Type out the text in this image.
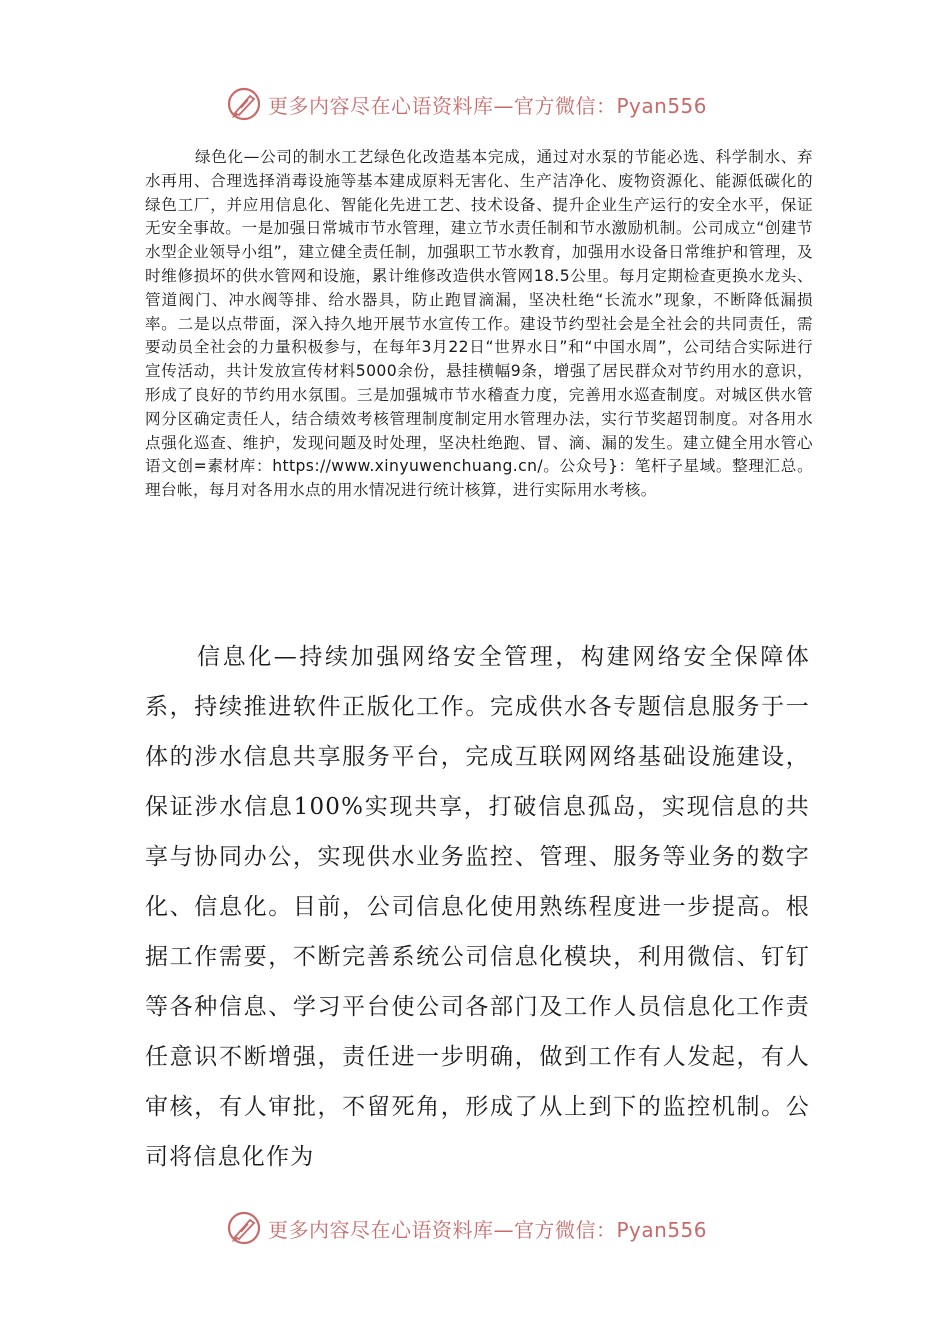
更多内容尽在心语资料库—官方微信：Pyan556

绿色化—公司的制水工艺绿色化改造基本完成，通过对水泵的节能必选、科学制水、弃水再用、合理选择消毒设施等基本建成原料无害化、生产洁净化、废物资源化、能源低碳化的绿色工厂，并应用信息化、智能化先进工艺、技术设备、提升企业生产运行的安全水平，保证无安全事故。一是加强日常城市节水管理，建立节水责任制和节水激励机制。公司成立“创建节水型企业领导小组”，建立健全责任制，加强职工节水教育，加强用水设备日常维护和管理，及时维修损坏的供水管网和设施，累计维修改造供水管网18.5公里。每月定期检查更换水龙头、管道阀门、冲水阀等排、给水器具，防止跑冒滴漏，坚决杜绝“长流水”现象，不断降低漏损率。二是以点带面，深入持久地开展节水宣传工作。建设节约型社会是全社会的共同责任，需要动员全社会的力量积极参与，在每年3月22日“世界水日”和“中国水周”，公司结合实际进行宣传活动，共计发放宣传材料5000余份，悬挂横幅9条，增强了居民群众对节约用水的意识，形成了良好的节约用水氛围。三是加强城市节水稽查力度，完善用水巡查制度。对城区供水管网分区确定责任人，结合绩效考核管理制度制定用水管理办法，实行节奖超罚制度。对各用水点强化巡查、维护，发现问题及时处理，坚决杜绝跑、冒、滴、漏的发生。建立健全用水管心语文创=素材库：https://www.xinyuwenchuang.cn/。公众号}：笔杆子星域。整理汇总。理台帐，每月对各用水点的用水情况进行统计核算，进行实际用水考核。

信息化—持续加强网络安全管理，构建网络安全保障体系，持续推进软件正版化工作。完成供水各专题信息服务于一体的涉水信息共享服务平台，完成互联网网络基础设施建设，保证涉水信息100%实现共享，打破信息孤岛，实现信息的共享与协同办公，实现供水业务监控、管理、服务等业务的数字化、信息化。目前，公司信息化使用熟练程度进一步提高。根据工作需要，不断完善系统公司信息化模块，利用微信、钉钉等各种信息、学习平台使公司各部门及工作人员信息化工作责任意识不断增强，责任进一步明确，做到工作有人发起，有人审核，有人审批，不留死角，形成了从上到下的监控机制。公司将信息化作为

更多内容尽在心语资料库—官方微信：Pyan556
